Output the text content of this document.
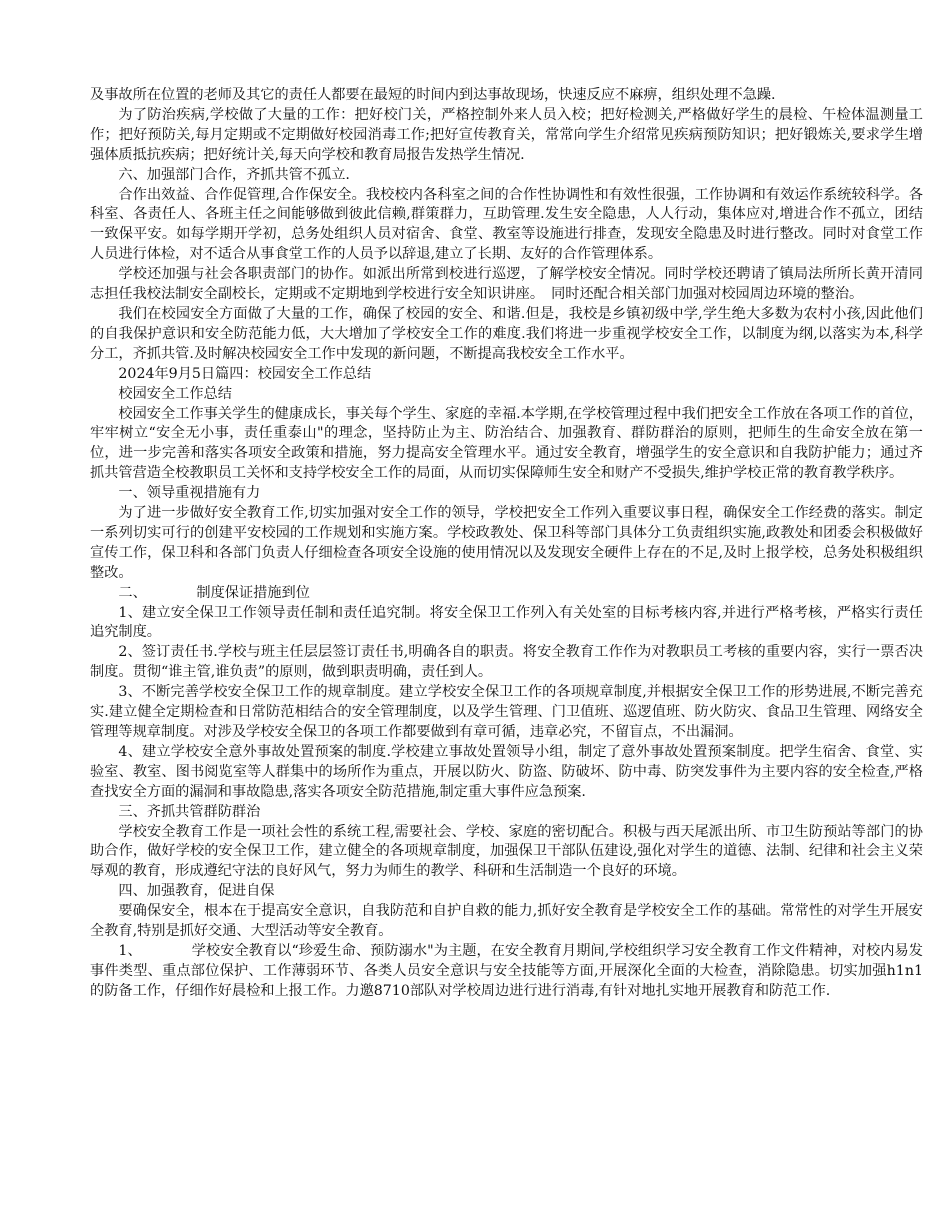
及事故所在位置的老师及其它的责任人都要在最短的时间内到达事故现场，快速反应不麻痹，组织处理不急躁.

为了防治疾病,学校做了大量的工作：把好校门关，严格控制外来人员入校；把好检测关,严格做好学生的晨检、午检体温测量工作；把好预防关,每月定期或不定期做好校园消毒工作;把好宣传教育关，常常向学生介绍常见疾病预防知识；把好锻炼关,要求学生增强体质抵抗疾病；把好统计关,每天向学校和教育局报告发热学生情况.

六、加强部门合作，齐抓共管不孤立.

合作出效益、合作促管理,合作保安全。我校校内各科室之间的合作性协调性和有效性很强，工作协调和有效运作系统较科学。各科室、各责任人、各班主任之间能够做到彼此信赖,群策群力，互助管理.发生安全隐患，人人行动，集体应对,增进合作不孤立，团结一致保平安。如每学期开学初，总务处组织人员对宿舍、食堂、教室等设施进行排查，发现安全隐患及时进行整改。同时对食堂工作人员进行体检，对不适合从事食堂工作的人员予以辞退,建立了长期、友好的合作管理体系。

学校还加强与社会各职责部门的协作。如派出所常到校进行巡逻，了解学校安全情况。同时学校还聘请了镇局法所所长黄开清同志担任我校法制安全副校长，定期或不定期地到学校进行安全知识讲座。　同时还配合相关部门加强对校园周边环境的整治。

我们在校园安全方面做了大量的工作，确保了校园的安全、和谐.但是，我校是乡镇初级中学,学生绝大多数为农村小孩,因此他们的自我保护意识和安全防范能力低，大大增加了学校安全工作的难度.我们将进一步重视学校安全工作，以制度为纲,以落实为本,科学分工，齐抓共管.及时解决校园安全工作中发现的新问题，不断提高我校安全工作水平。

2024年9月5日篇四：校园安全工作总结

校园安全工作总结

校园安全工作事关学生的健康成长，事关每个学生、家庭的幸福.本学期,在学校管理过程中我们把安全工作放在各项工作的首位，牢牢树立“安全无小事，责任重泰山"的理念，坚持防止为主、防治结合、加强教育、群防群治的原则，把师生的生命安全放在第一位，进一步完善和落实各项安全政策和措施，努力提高安全管理水平。通过安全教育，增强学生的安全意识和自我防护能力；通过齐抓共管营造全校教职员工关怀和支持学校安全工作的局面，从而切实保障师生安全和财产不受损失,维护学校正常的教育教学秩序。

一、领导重视措施有力

为了进一步做好安全教育工作,切实加强对安全工作的领导，学校把安全工作列入重要议事日程，确保安全工作经费的落实。制定一系列切实可行的创建平安校园的工作规划和实施方案。学校政教处、保卫科等部门具体分工负责组织实施,政教处和团委会积极做好宣传工作，保卫科和各部门负责人仔细检查各项安全设施的使用情况以及发现安全硬件上存在的不足,及时上报学校，总务处积极组织整改。

二、　　　　制度保证措施到位

1、建立安全保卫工作领导责任制和责任追究制。将安全保卫工作列入有关处室的目标考核内容,并进行严格考核，严格实行责任追究制度。

2、签订责任书.学校与班主任层层签订责任书,明确各自的职责。将安全教育工作作为对教职员工考核的重要内容，实行一票否决制度。贯彻“谁主管,谁负责”的原则，做到职责明确，责任到人。

3、不断完善学校安全保卫工作的规章制度。建立学校安全保卫工作的各项规章制度,并根据安全保卫工作的形势进展,不断完善充实.建立健全定期检查和日常防范相结合的安全管理制度，以及学生管理、门卫值班、巡逻值班、防火防灾、食品卫生管理、网络安全管理等规章制度。对涉及学校安全保卫的各项工作都要做到有章可循，违章必究，不留盲点，不出漏洞。

4、建立学校安全意外事故处置预案的制度.学校建立事故处置领导小组，制定了意外事故处置预案制度。把学生宿舍、食堂、实验室、教室、图书阅览室等人群集中的场所作为重点，开展以防火、防盗、防破坏、防中毒、防突发事件为主要内容的安全检查,严格查找安全方面的漏洞和事故隐患,落实各项安全防范措施,制定重大事件应急预案.

三、齐抓共管群防群治

学校安全教育工作是一项社会性的系统工程,需要社会、学校、家庭的密切配合。积极与西天尾派出所、市卫生防预站等部门的协助合作，做好学校的安全保卫工作，建立健全的各项规章制度，加强保卫干部队伍建设,强化对学生的道德、法制、纪律和社会主义荣辱观的教育，形成遵纪守法的良好风气，努力为师生的教学、科研和生活制造一个良好的环境。

四、加强教育，促进自保

要确保安全，根本在于提高安全意识，自我防范和自护自救的能力,抓好安全教育是学校安全工作的基础。常常性的对学生开展安全教育,特别是抓好交通、大型活动等安全教育。

1、　　　　学校安全教育以“珍爱生命、预防溺水"为主题，在安全教育月期间,学校组织学习安全教育工作文件精神，对校内易发事件类型、重点部位保护、工作薄弱环节、各类人员安全意识与安全技能等方面,开展深化全面的大检查，消除隐患。切实加强h1n1的防备工作，仔细作好晨检和上报工作。力邀8710部队对学校周边进行进行消毒,有针对地扎实地开展教育和防范工作.
